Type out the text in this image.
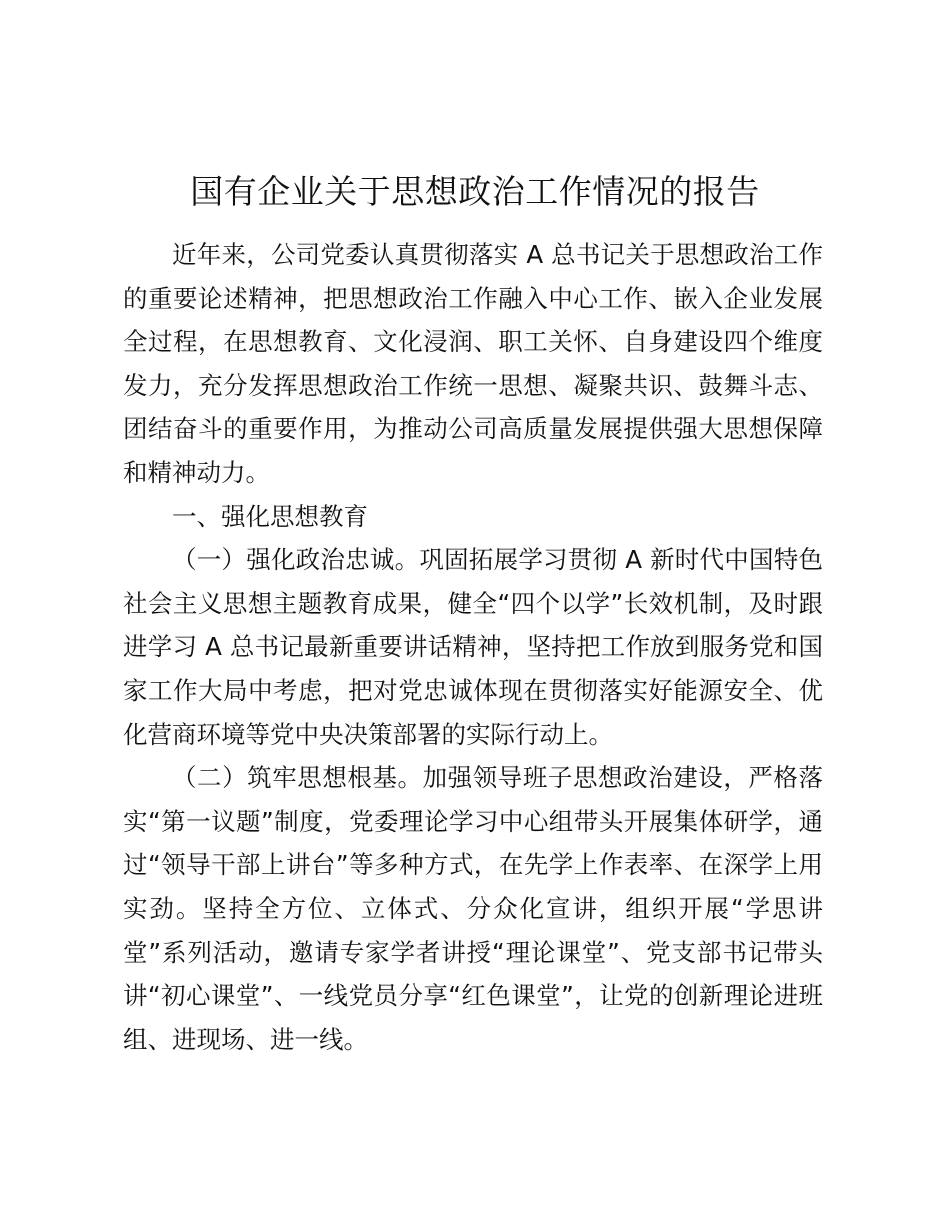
国有企业关于思想政治工作情况的报告

近年来，公司党委认真贯彻落实 A 总书记关于思想政治工作的重要论述精神，把思想政治工作融入中心工作、嵌入企业发展全过程，在思想教育、文化浸润、职工关怀、自身建设四个维度发力，充分发挥思想政治工作统一思想、凝聚共识、鼓舞斗志、团结奋斗的重要作用，为推动公司高质量发展提供强大思想保障和精神动力。

一、强化思想教育

（一）强化政治忠诚。巩固拓展学习贯彻 A 新时代中国特色社会主义思想主题教育成果，健全“四个以学”长效机制，及时跟进学习 A 总书记最新重要讲话精神，坚持把工作放到服务党和国家工作大局中考虑，把对党忠诚体现在贯彻落实好能源安全、优化营商环境等党中央决策部署的实际行动上。

（二）筑牢思想根基。加强领导班子思想政治建设，严格落实“第一议题”制度，党委理论学习中心组带头开展集体研学，通过“领导干部上讲台”等多种方式，在先学上作表率、在深学上用实劲。坚持全方位、立体式、分众化宣讲，组织开展“学思讲堂”系列活动，邀请专家学者讲授“理论课堂”、党支部书记带头讲“初心课堂”、一线党员分享“红色课堂”，让党的创新理论进班组、进现场、进一线。
